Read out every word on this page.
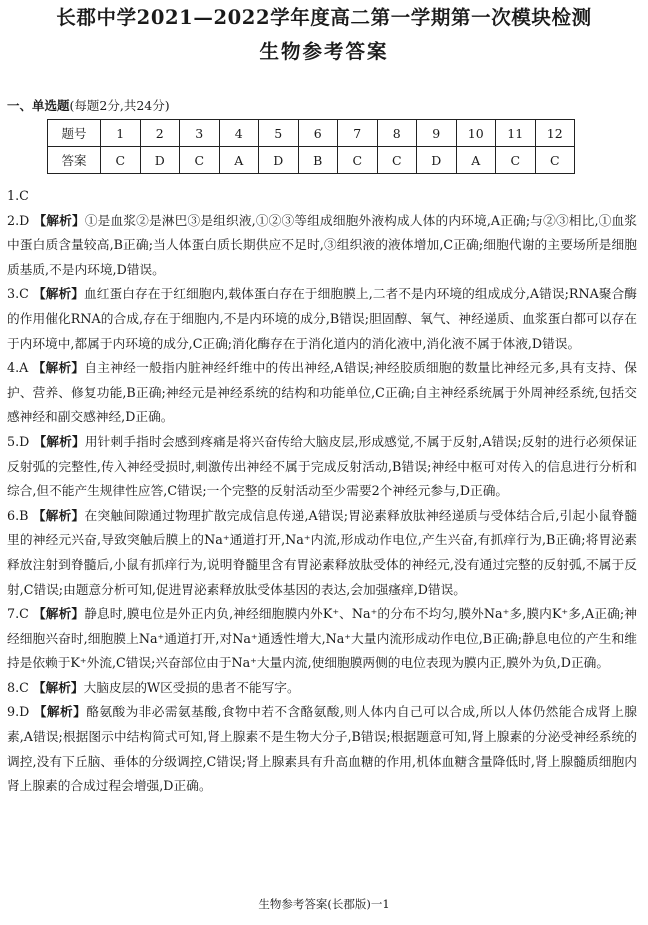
长郡中学2021—2022学年度高二第一学期第一次模块检测
生物参考答案
一、单选题(每题2分,共24分)
题号	1	2	3	4	5	6	7	8	9	10	11	12
答案	C	D	C	A	D	B	C	C	D	A	C	C

1.C

2.D 【解析】①是血浆②是淋巴③是组织液,①②③等组成细胞外液构成人体的内环境,A正确;与②③相比,①血浆中蛋白质含量较高,B正确;当人体蛋白质长期供应不足时,③组织液的液体增加,C正确;细胞代谢的主要场所是细胞质基质,不是内环境,D错误。

3.C 【解析】血红蛋白存在于红细胞内,载体蛋白存在于细胞膜上,二者不是内环境的组成成分,A错误;RNA聚合酶的作用催化RNA的合成,存在于细胞内,不是内环境的成分,B错误;胆固醇、氧气、神经递质、血浆蛋白都可以存在于内环境中,都属于内环境的成分,C正确;消化酶存在于消化道内的消化液中,消化液不属于体液,D错误。

4.A 【解析】自主神经一般指内脏神经纤维中的传出神经,A错误;神经胶质细胞的数量比神经元多,具有支持、保护、营养、修复功能,B正确;神经元是神经系统的结构和功能单位,C正确;自主神经系统属于外周神经系统,包括交感神经和副交感神经,D正确。

5.D 【解析】用针刺手指时会感到疼痛是将兴奋传给大脑皮层,形成感觉,不属于反射,A错误;反射的进行必须保证反射弧的完整性,传入神经受损时,刺激传出神经不属于完成反射活动,B错误;神经中枢可对传入的信息进行分析和综合,但不能产生规律性应答,C错误;一个完整的反射活动至少需要2个神经元参与,D正确。

6.B 【解析】在突触间隙通过物理扩散完成信息传递,A错误;胃泌素释放肽神经递质与受体结合后,引起小鼠脊髓里的神经元兴奋,导致突触后膜上的Na⁺通道打开,Na⁺内流,形成动作电位,产生兴奋,有抓痒行为,B正确;将胃泌素释放注射到脊髓后,小鼠有抓痒行为,说明脊髓里含有胃泌素释放肽受体的神经元,没有通过完整的反射弧,不属于反射,C错误;由题意分析可知,促进胃泌素释放肽受体基因的表达,会加强瘙痒,D错误。

7.C 【解析】静息时,膜电位是外正内负,神经细胞膜内外K⁺、Na⁺的分布不均匀,膜外Na⁺多,膜内K⁺多,A正确;神经细胞兴奋时,细胞膜上Na⁺通道打开,对Na⁺通透性增大,Na⁺大量内流形成动作电位,B正确;静息电位的产生和维持是依赖于K⁺外流,C错误;兴奋部位由于Na⁺大量内流,使细胞膜两侧的电位表现为膜内正,膜外为负,D正确。

8.C 【解析】大脑皮层的W区受损的患者不能写字。

9.D 【解析】酪氨酸为非必需氨基酸,食物中若不含酪氨酸,则人体内自己可以合成,所以人体仍然能合成肾上腺素,A错误;根据图示中结构简式可知,肾上腺素不是生物大分子,B错误;根据题意可知,肾上腺素的分泌受神经系统的调控,没有下丘脑、垂体的分级调控,C错误;肾上腺素具有升高血糖的作用,机体血糖含量降低时,肾上腺髓质细胞内肾上腺素的合成过程会增强,D正确。

生物参考答案(长郡版)一1
